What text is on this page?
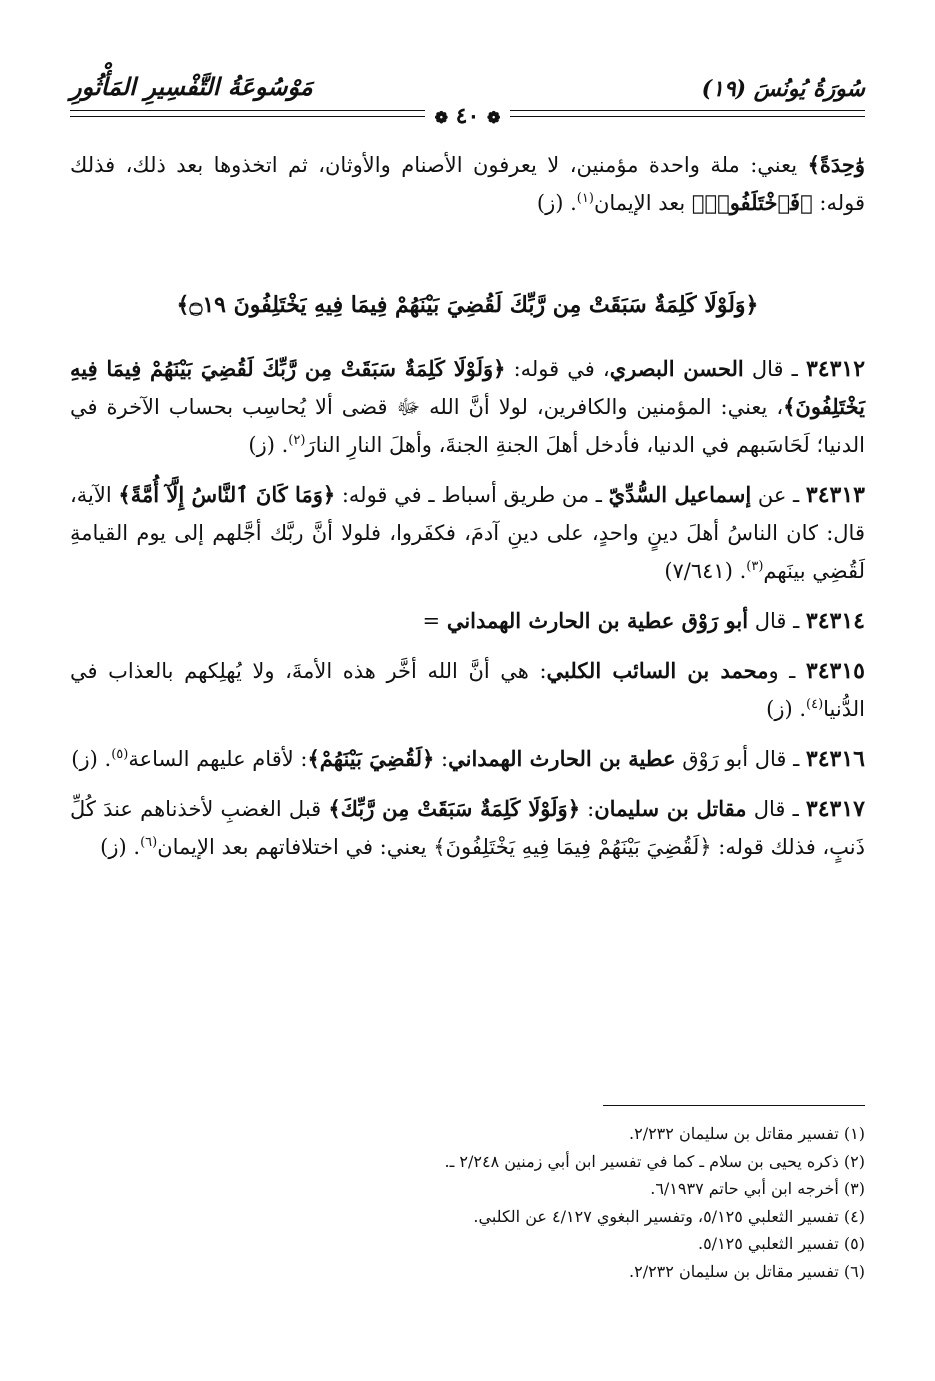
سُورَةُ يُونُسَ (١٩)
مَوْسُوعَةُ التَّفْسِيرِ المَأْثُورِ
❁ ٤٠ ❁

وَٰحِدَةً﴾ يعني: ملة واحدة مؤمنين، لا يعرفون الأصنام والأوثان، ثم اتخذوها بعد ذلك، فذلك قوله: ﴿فَٱخْتَلَفُوا۟﴾ بعد الإيمان$^{(١)}$. (ز)

﴿وَلَوْلَا كَلِمَةٌ سَبَقَتْ مِن رَّبِّكَ لَقُضِيَ بَيْنَهُمْ فِيمَا فِيهِ يَخْتَلِفُونَ ۝١٩﴾

٣٤٣١٢ ـ قال الحسن البصري، في قوله: ﴿وَلَوْلَا كَلِمَةٌ سَبَقَتْ مِن رَّبِّكَ لَقُضِيَ بَيْنَهُمْ فِيمَا فِيهِ يَخْتَلِفُونَ﴾، يعني: المؤمنين والكافرين، لولا أنَّ الله ﷻ قضى ألا يُحاسِب بحساب الآخرة في الدنيا؛ لَحَاسَبهم في الدنيا، فأدخل أهلَ الجنةِ الجنةَ، وأهلَ النارِ النارَ$^{(٢)}$. (ز)

٣٤٣١٣ ـ عن إسماعيل السُّدِّيّ ـ من طريق أسباط ـ في قوله: ﴿وَمَا كَانَ ٱلنَّاسُ إِلَّآ أُمَّةً﴾ الآية، قال: كان الناسُ أهلَ دينٍ واحدٍ، على دينِ آدمَ، فكفَروا، فلولا أنَّ ربَّك أجَّلهم إلى يوم القيامةِ لَقُضِي بينَهم$^{(٣)}$. (٧/٦٤١)

٣٤٣١٤ ـ قال أبو رَوْق عطية بن الحارث الهمداني =

٣٤٣١٥ ـ ومحمد بن السائب الكلبي: هي أنَّ الله أخَّر هذه الأمةَ، ولا يُهلِكهم بالعذاب في الدُّنيا$^{(٤)}$. (ز)

٣٤٣١٦ ـ قال أبو رَوْق عطية بن الحارث الهمداني: ﴿لَقُضِيَ بَيْنَهُمْ﴾: لأقام عليهم الساعة$^{(٥)}$. (ز)

٣٤٣١٧ ـ قال مقاتل بن سليمان: ﴿وَلَوْلَا كَلِمَةٌ سَبَقَتْ مِن رَّبِّكَ﴾ قبل الغضبِ لأخذناهم عندَ كُلِّ ذَنبٍ، فذلك قوله: ﴿لَقُضِيَ بَيْنَهُمْ فِيمَا فِيهِ يَخْتَلِفُونَ﴾ يعني: في اختلافاتهم بعد الإيمان$^{(٦)}$. (ز)

(١) تفسير مقاتل بن سليمان ٢/٢٣٢.

(٢) ذكره يحيى بن سلام ـ كما في تفسير ابن أبي زمنين ٢/٢٤٨ ـ.

(٣) أخرجه ابن أبي حاتم ٦/١٩٣٧.

(٤) تفسير الثعلبي ٥/١٢٥، وتفسير البغوي ٤/١٢٧ عن الكلبي.

(٥) تفسير الثعلبي ٥/١٢٥.

(٦) تفسير مقاتل بن سليمان ٢/٢٣٢.
